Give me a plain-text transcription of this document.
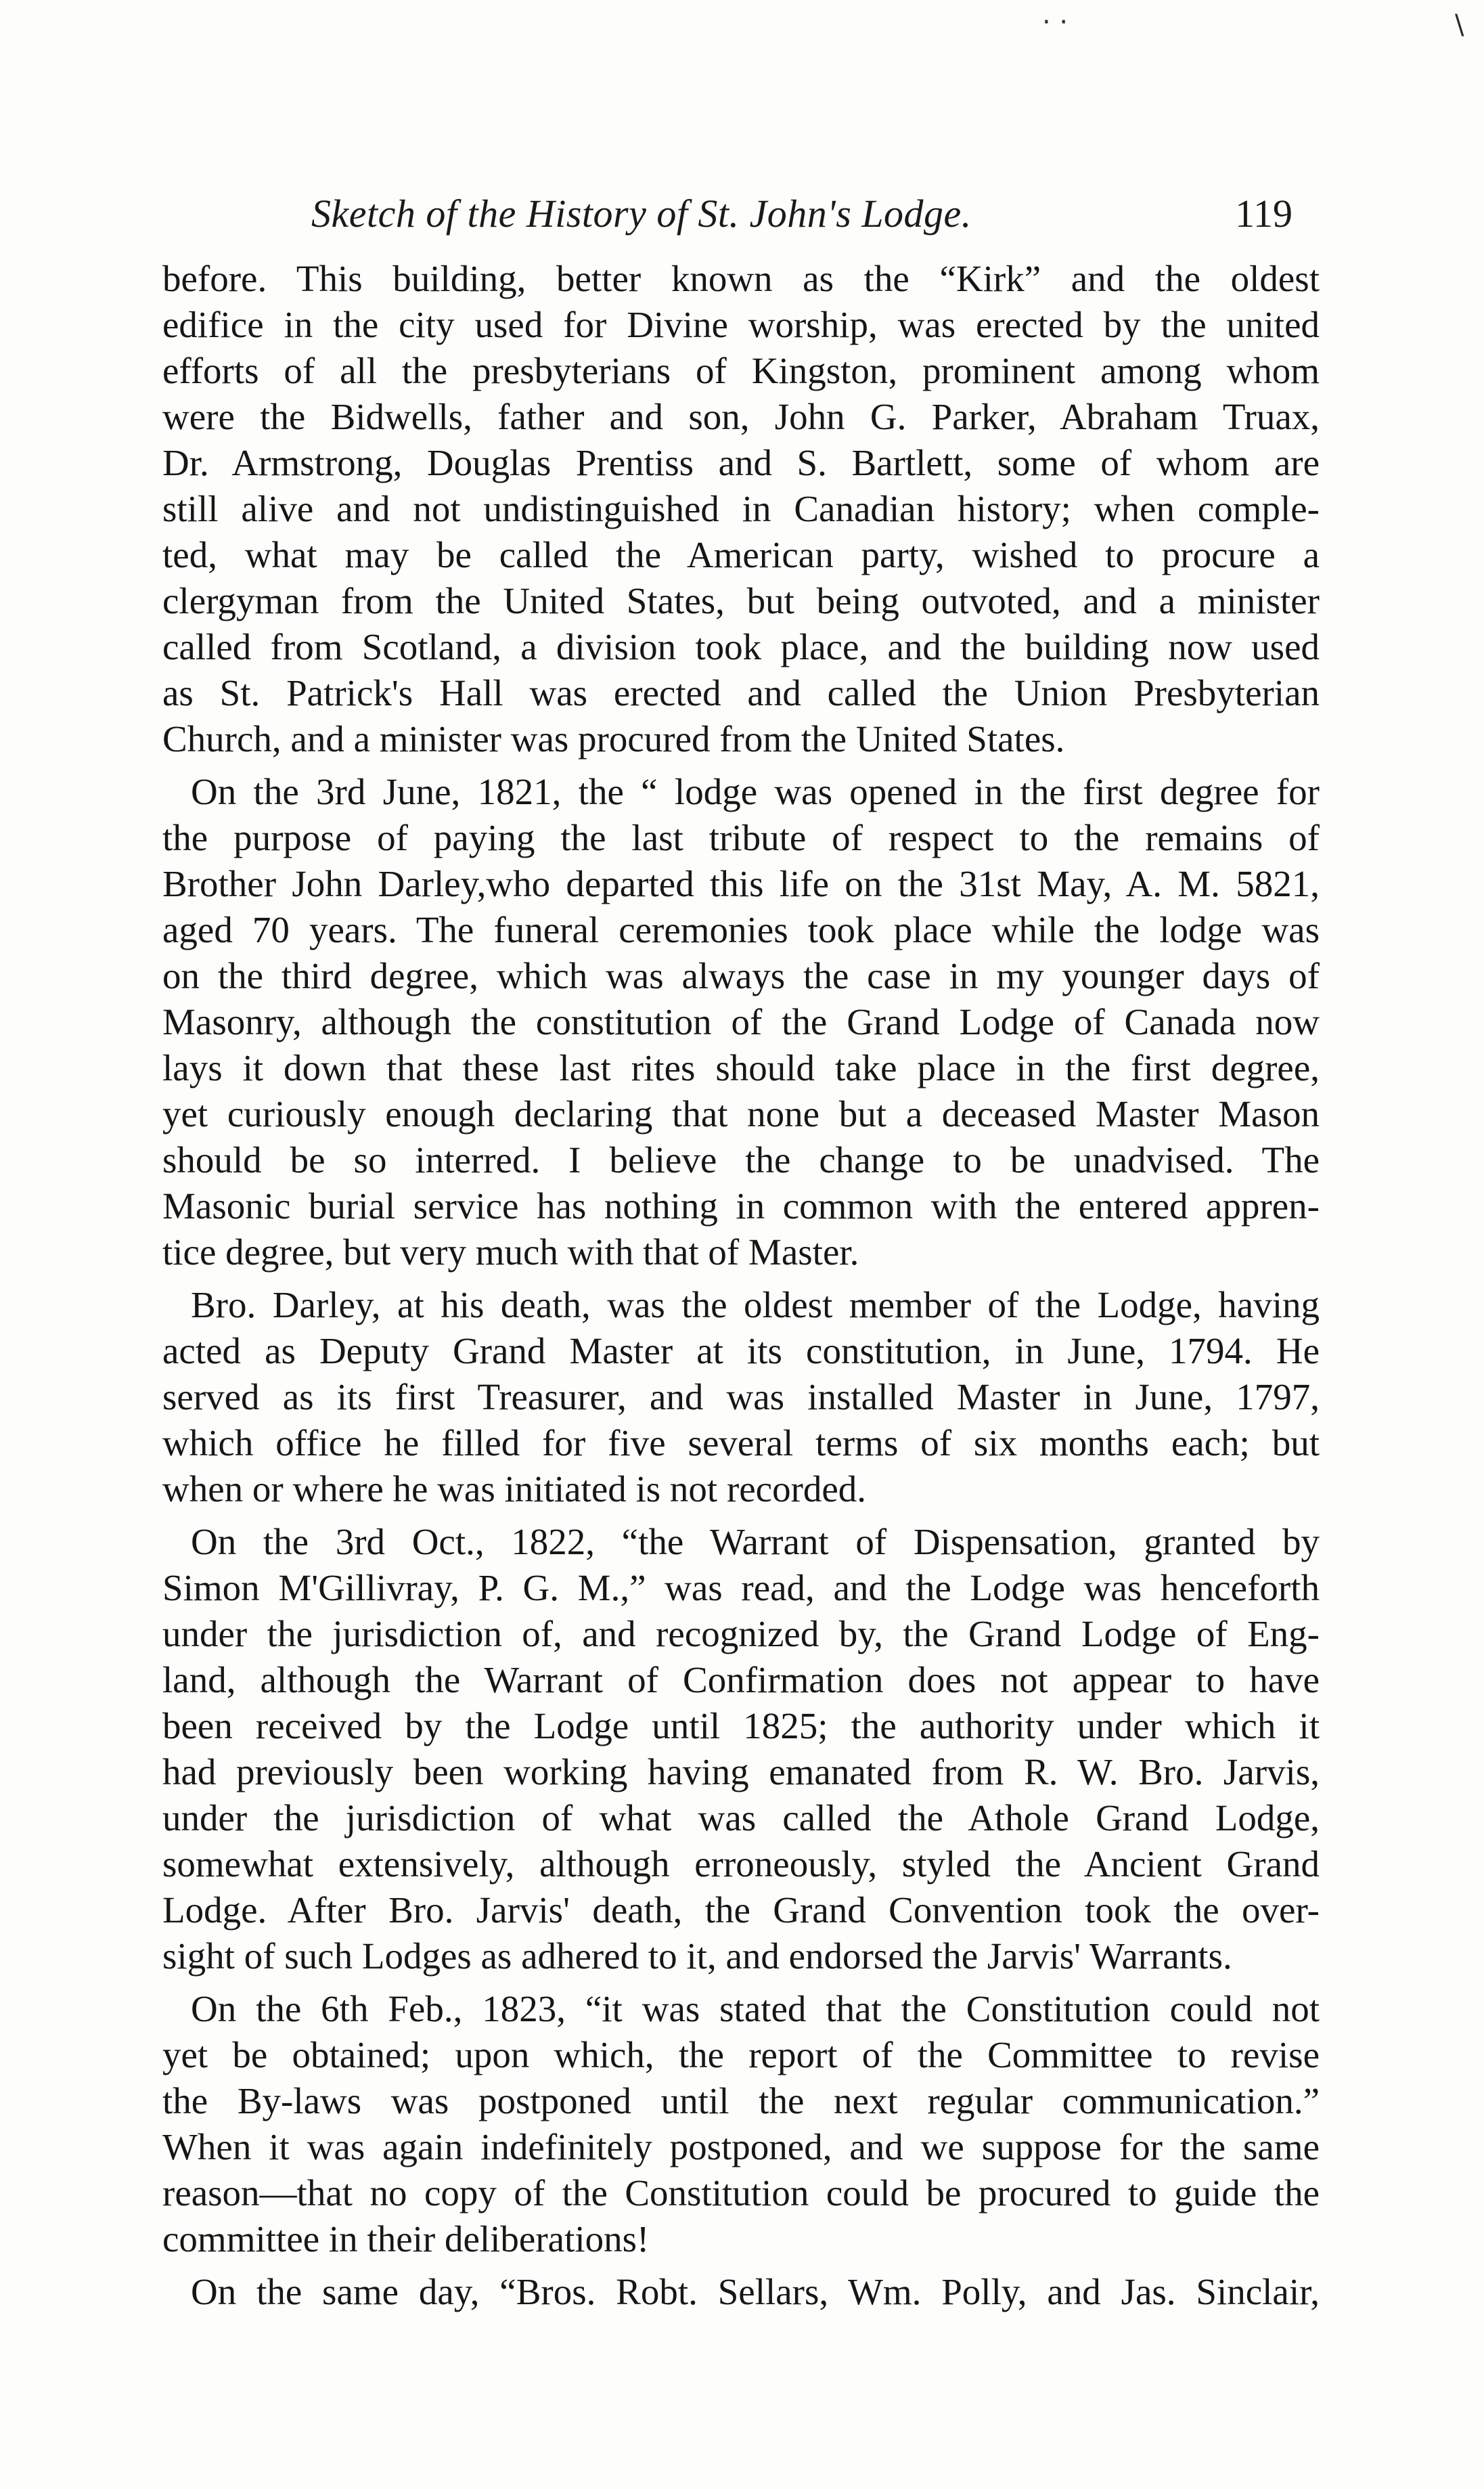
· ·	\
Sketch of the History of St. John's Lodge.	119
before. This building, better known as the “Kirk” and the oldest
edifice in the city used for Divine worship, was erected by the united
efforts of all the presbyterians of Kingston, prominent among whom
were the Bidwells, father and son, John G. Parker, Abraham Truax,
Dr. Armstrong, Douglas Prentiss and S. Bartlett, some of whom are
still alive and not undistinguished in Canadian history; when comple-
ted, what may be called the American party, wished to procure a
clergyman from the United States, but being outvoted, and a minister
called from Scotland, a division took place, and the building now used
as St. Patrick's Hall was erected and called the Union Presbyterian
Church, and a minister was procured from the United States.
On the 3rd June, 1821, the “ lodge was opened in the first degree for
the purpose of paying the last tribute of respect to the remains of
Brother John Darley,who departed this life on the 31st May, A. M. 5821,
aged 70 years. The funeral ceremonies took place while the lodge was
on the third degree, which was always the case in my younger days of
Masonry, although the constitution of the Grand Lodge of Canada now
lays it down that these last rites should take place in the first degree,
yet curiously enough declaring that none but a deceased Master Mason
should be so interred. I believe the change to be unadvised. The
Masonic burial service has nothing in common with the entered appren-
tice degree, but very much with that of Master.
Bro. Darley, at his death, was the oldest member of the Lodge, having
acted as Deputy Grand Master at its constitution, in June, 1794. He
served as its first Treasurer, and was installed Master in June, 1797,
which office he filled for five several terms of six months each; but
when or where he was initiated is not recorded.
On the 3rd Oct., 1822, “the Warrant of Dispensation, granted by
Simon M'Gillivray, P. G. M.,” was read, and the Lodge was henceforth
under the jurisdiction of, and recognized by, the Grand Lodge of Eng-
land, although the Warrant of Confirmation does not appear to have
been received by the Lodge until 1825; the authority under which it
had previously been working having emanated from R. W. Bro. Jarvis,
under the jurisdiction of what was called the Athole Grand Lodge,
somewhat extensively, although erroneously, styled the Ancient Grand
Lodge. After Bro. Jarvis' death, the Grand Convention took the over-
sight of such Lodges as adhered to it, and endorsed the Jarvis' Warrants.
On the 6th Feb., 1823, “it was stated that the Constitution could not
yet be obtained; upon which, the report of the Committee to revise
the By-laws was postponed until the next regular communication.”
When it was again indefinitely postponed, and we suppose for the same
reason—that no copy of the Constitution could be procured to guide the
committee in their deliberations!
On the same day, “Bros. Robt. Sellars, Wm. Polly, and Jas. Sinclair,
